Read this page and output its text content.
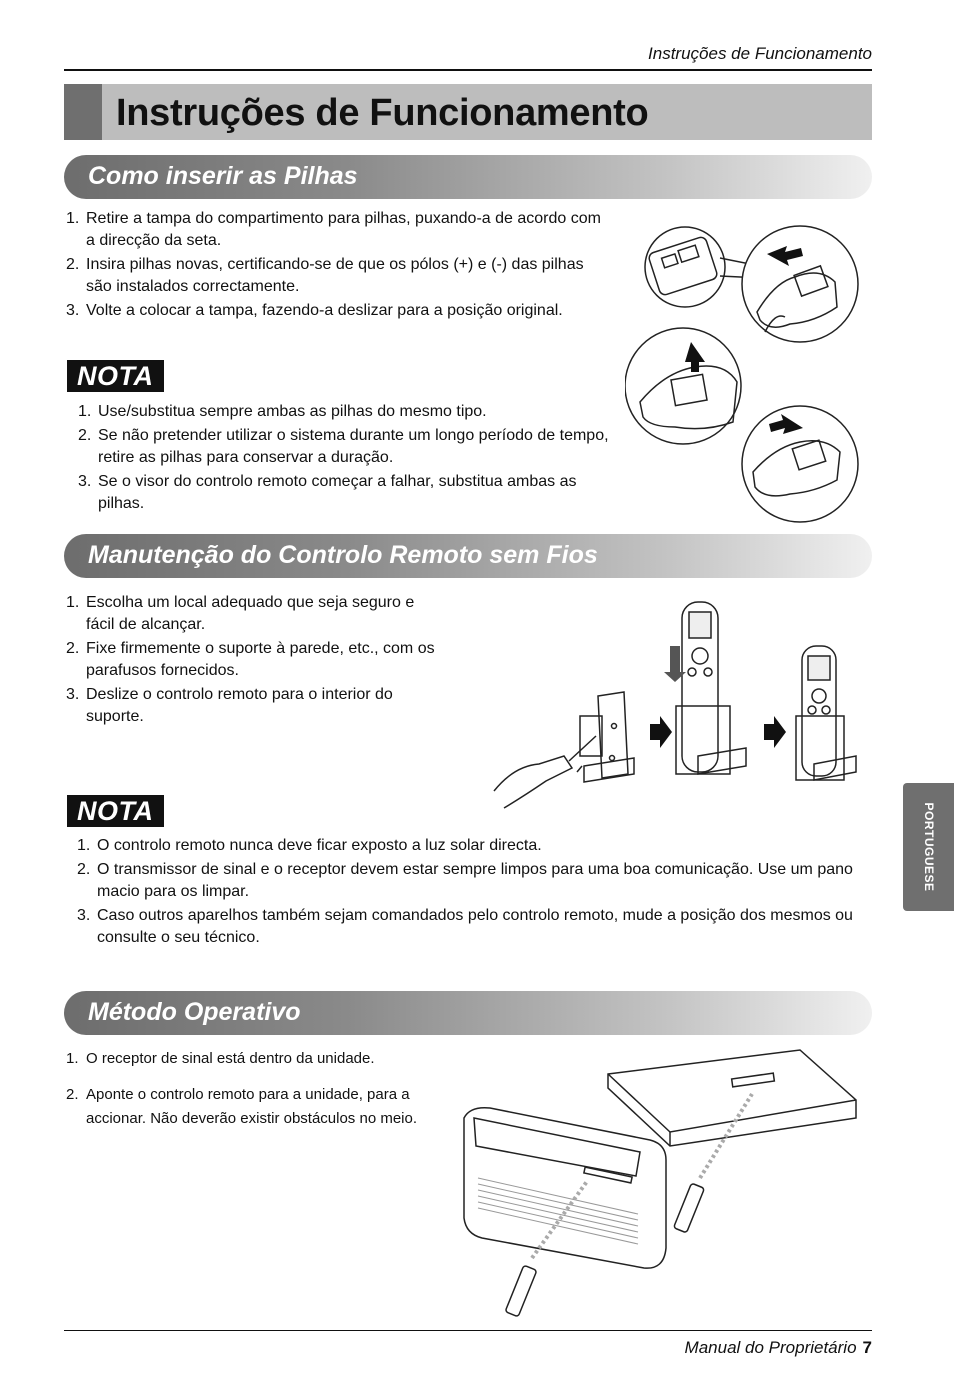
Instruções de Funcionamento
Instruções de Funcionamento
Como inserir as Pilhas
1. Retire a tampa do compartimento para pilhas, puxando-a de acordo com a direcção da seta.
2. Insira pilhas novas, certificando-se de que os pólos (+) e (-) das pilhas são instalados correctamente.
3. Volte a colocar a tampa, fazendo-a deslizar para a posição original.
NOTA
1. Use/substitua sempre ambas as pilhas do mesmo tipo.
2. Se não pretender utilizar o sistema durante um longo período de tempo, retire as pilhas para conservar a duração.
3. Se o visor do controlo remoto começar a falhar, substitua ambas as pilhas.
Manutenção do Controlo Remoto sem Fios
1. Escolha um local adequado que seja seguro e fácil de alcançar.
2. Fixe firmemente o suporte à parede, etc., com os parafusos fornecidos.
3. Deslize o controlo remoto para o interior do suporte.
NOTA
1. O controlo remoto nunca deve ficar exposto a luz solar directa.
2. O transmissor de sinal e o receptor devem estar sempre limpos para uma boa comunicação. Use um pano macio para os limpar.
3. Caso outros aparelhos também sejam comandados pelo controlo remoto, mude a posição dos mesmos ou consulte o seu técnico.
Método Operativo
1. O receptor de sinal está dentro da unidade.
2. Aponte o controlo remoto para a unidade, para a accionar. Não deverão existir obstáculos no meio.
PORTUGUESE
Manual do Proprietário 7
